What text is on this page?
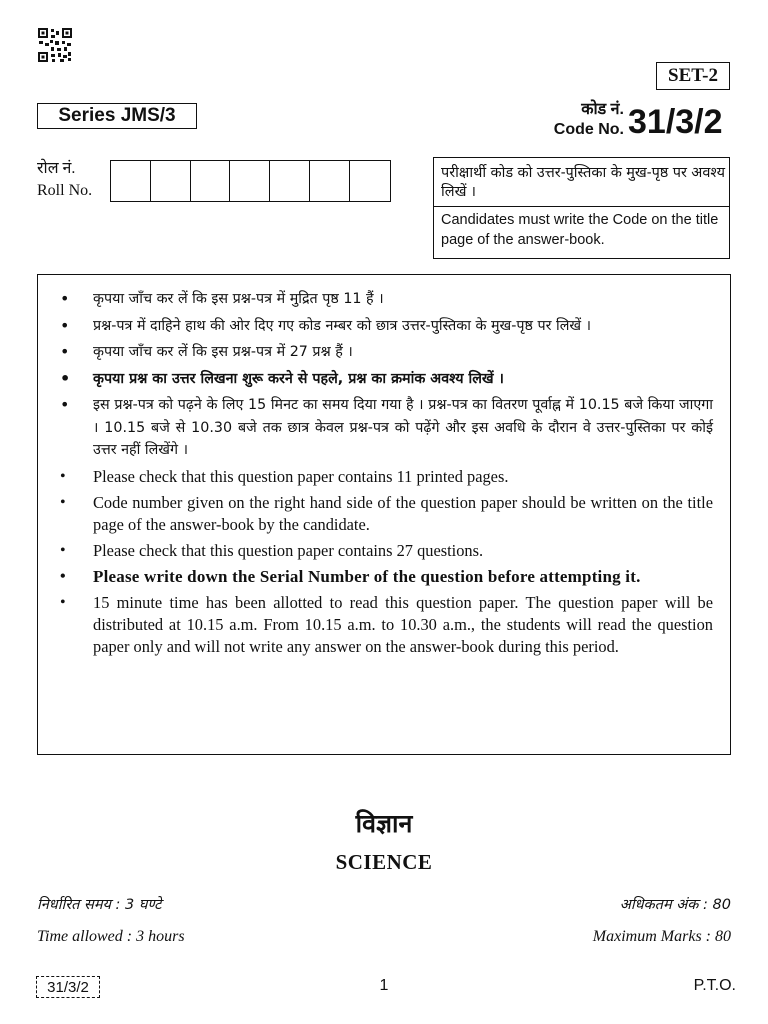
SET-2
Series JMS/3	कोड नं.
Code No. 31/3/2
रोल नं.
Roll No.
परीक्षार्थी कोड को उत्तर-पुस्तिका के मुख-पृष्ठ पर अवश्य लिखें ।
Candidates must write the Code on the title page of the answer-book.
• कृपया जाँच कर लें कि इस प्रश्न-पत्र में मुद्रित पृष्ठ 11 हैं ।
• प्रश्न-पत्र में दाहिने हाथ की ओर दिए गए कोड नम्बर को छात्र उत्तर-पुस्तिका के मुख-पृष्ठ पर लिखें ।
• कृपया जाँच कर लें कि इस प्रश्न-पत्र में 27 प्रश्न हैं ।
• कृपया प्रश्न का उत्तर लिखना शुरू करने से पहले, प्रश्न का क्रमांक अवश्य लिखें ।
• इस प्रश्न-पत्र को पढ़ने के लिए 15 मिनट का समय दिया गया है । प्रश्न-पत्र का वितरण पूर्वाह्न में 10.15 बजे किया जाएगा । 10.15 बजे से 10.30 बजे तक छात्र केवल प्रश्न-पत्र को पढ़ेंगे और इस अवधि के दौरान वे उत्तर-पुस्तिका पर कोई उत्तर नहीं लिखेंगे ।
• Please check that this question paper contains 11 printed pages.
• Code number given on the right hand side of the question paper should be written on the title page of the answer-book by the candidate.
• Please check that this question paper contains 27 questions.
• Please write down the Serial Number of the question before attempting it.
• 15 minute time has been allotted to read this question paper. The question paper will be distributed at 10.15 a.m. From 10.15 a.m. to 10.30 a.m., the students will read the question paper only and will not write any answer on the answer-book during this period.
विज्ञान
SCIENCE
निर्धारित समय : 3 घण्टे	अधिकतम अंक : 80
Time allowed : 3 hours	Maximum Marks : 80
31/3/2	1	P.T.O.
